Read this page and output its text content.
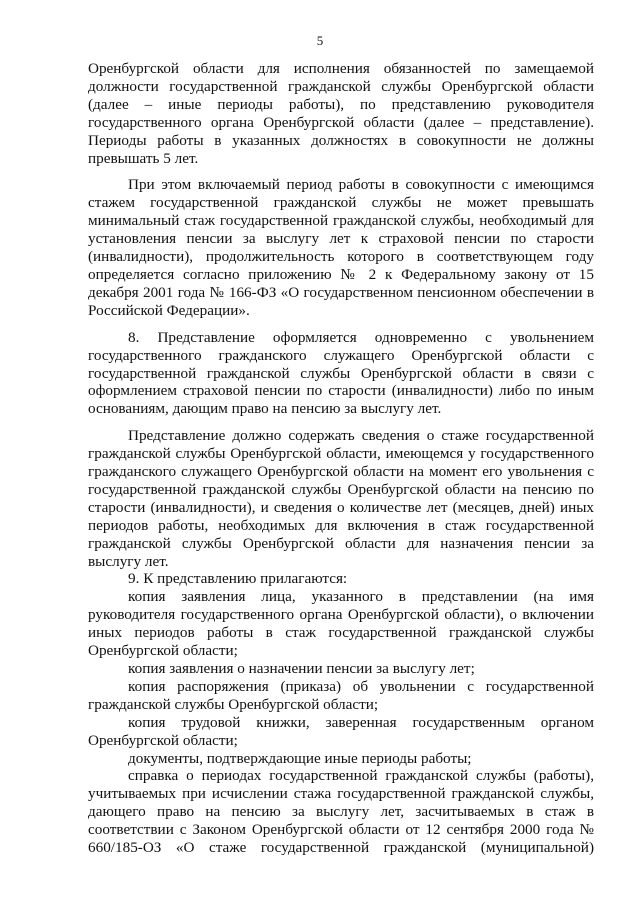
5

Оренбургской области для исполнения обязанностей по замещаемой должности государственной гражданской службы Оренбургской области (далее – иные периоды работы), по представлению руководителя государственного органа Оренбургской области (далее – представление). Периоды работы в указанных должностях в совокупности не должны превышать 5 лет.

При этом включаемый период работы в совокупности с имеющимся стажем государственной гражданской службы не может превышать минимальный стаж государственной гражданской службы, необходимый для установления пенсии за выслугу лет к страховой пенсии по старости (инвалидности), продолжительность которого в соответствующем году определяется согласно приложению № 2 к Федеральному закону от 15 декабря 2001 года № 166-ФЗ «О государственном пенсионном обеспечении в Российской Федерации».

8. Представление оформляется одновременно с увольнением государственного гражданского служащего Оренбургской области с государственной гражданской службы Оренбургской области в связи с оформлением страховой пенсии по старости (инвалидности) либо по иным основаниям, дающим право на пенсию за выслугу лет.

Представление должно содержать сведения о стаже государственной гражданской службы Оренбургской области, имеющемся у государственного гражданского служащего Оренбургской области на момент его увольнения с государственной гражданской службы Оренбургской области на пенсию по старости (инвалидности), и сведения о количестве лет (месяцев, дней) иных периодов работы, необходимых для включения в стаж государственной гражданской службы Оренбургской области для назначения пенсии за выслугу лет.

9. К представлению прилагаются:

копия заявления лица, указанного в представлении (на имя руководителя государственного органа Оренбургской области), о включении иных периодов работы в стаж государственной гражданской службы Оренбургской области;

копия заявления о назначении пенсии за выслугу лет;

копия распоряжения (приказа) об увольнении с государственной гражданской службы Оренбургской области;

копия трудовой книжки, заверенная государственным органом Оренбургской области;

документы, подтверждающие иные периоды работы;

справка о периодах государственной гражданской службы (работы), учитываемых при исчислении стажа государственной гражданской службы, дающего право на пенсию за выслугу лет, засчитываемых в стаж в соответствии с Законом Оренбургской области от 12 сентября 2000 года № 660/185-ОЗ «О стаже государственной гражданской (муниципальной)
